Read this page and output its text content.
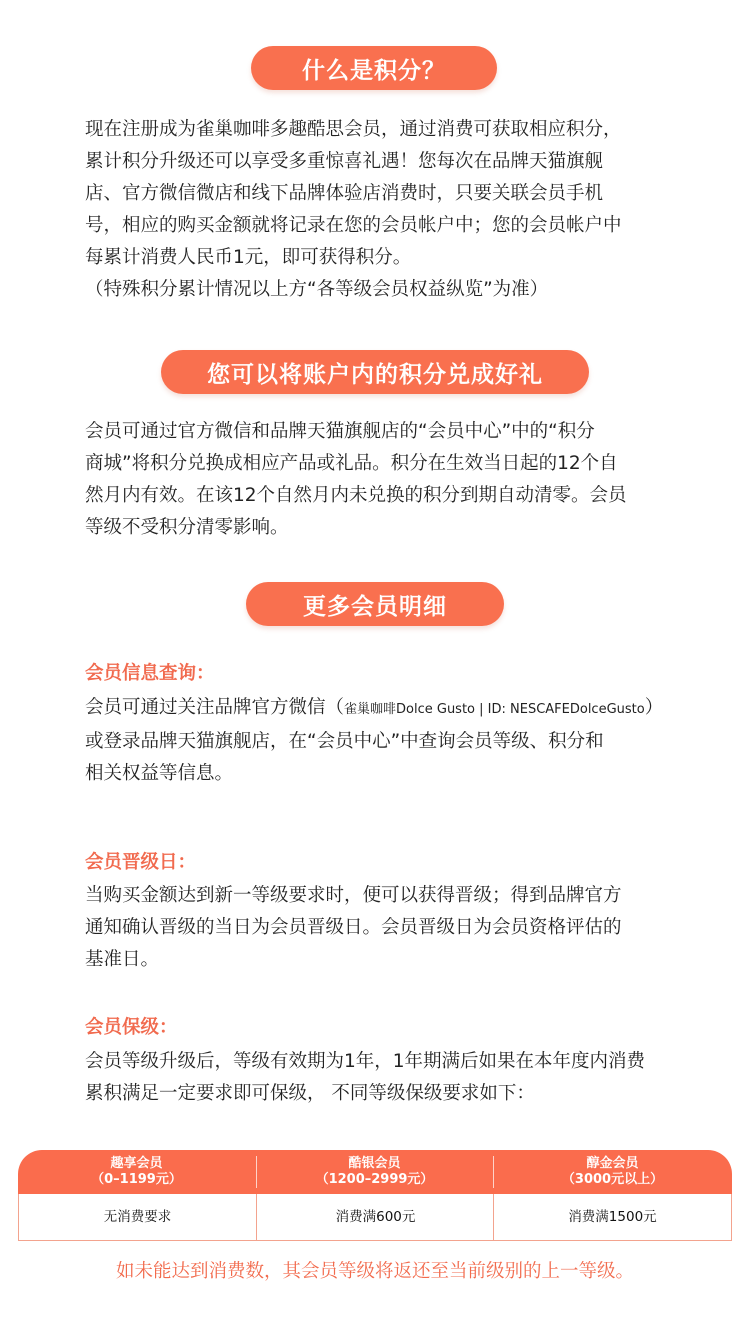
什么是积分？
现在注册成为雀巢咖啡多趣酷思会员，通过消费可获取相应积分，
累计积分升级还可以享受多重惊喜礼遇！您每次在品牌天猫旗舰
店、官方微信微店和线下品牌体验店消费时，只要关联会员手机
号，相应的购买金额就将记录在您的会员帐户中；您的会员帐户中
每累计消费人民币1元，即可获得积分。
（特殊积分累计情况以上方“各等级会员权益纵览”为准）
您可以将账户内的积分兑成好礼
会员可通过官方微信和品牌天猫旗舰店的“会员中心”中的“积分
商城”将积分兑换成相应产品或礼品。积分在生效当日起的12个自
然月内有效。在该12个自然月内未兑换的积分到期自动清零。会员
等级不受积分清零影响。
更多会员明细
会员信息查询：
会员可通过关注品牌官方微信（雀巢咖啡Dolce Gusto | ID: NESCAFEDolceGusto）
或登录品牌天猫旗舰店，在“会员中心”中查询会员等级、积分和
相关权益等信息。
会员晋级日：
当购买金额达到新一等级要求时，便可以获得晋级；得到品牌官方
通知确认晋级的当日为会员晋级日。会员晋级日为会员资格评估的
基准日。
会员保级：
会员等级升级后，等级有效期为1年，1年期满后如果在本年度内消费
累积满足一定要求即可保级， 不同等级保级要求如下：
趣享会员
（0–1199元）
酷银会员
（1200–2999元）
醇金会员
（3000元以上）
无消费要求	消费满600元	消费满1500元

如未能达到消费数，其会员等级将返还至当前级别的上一等级。
